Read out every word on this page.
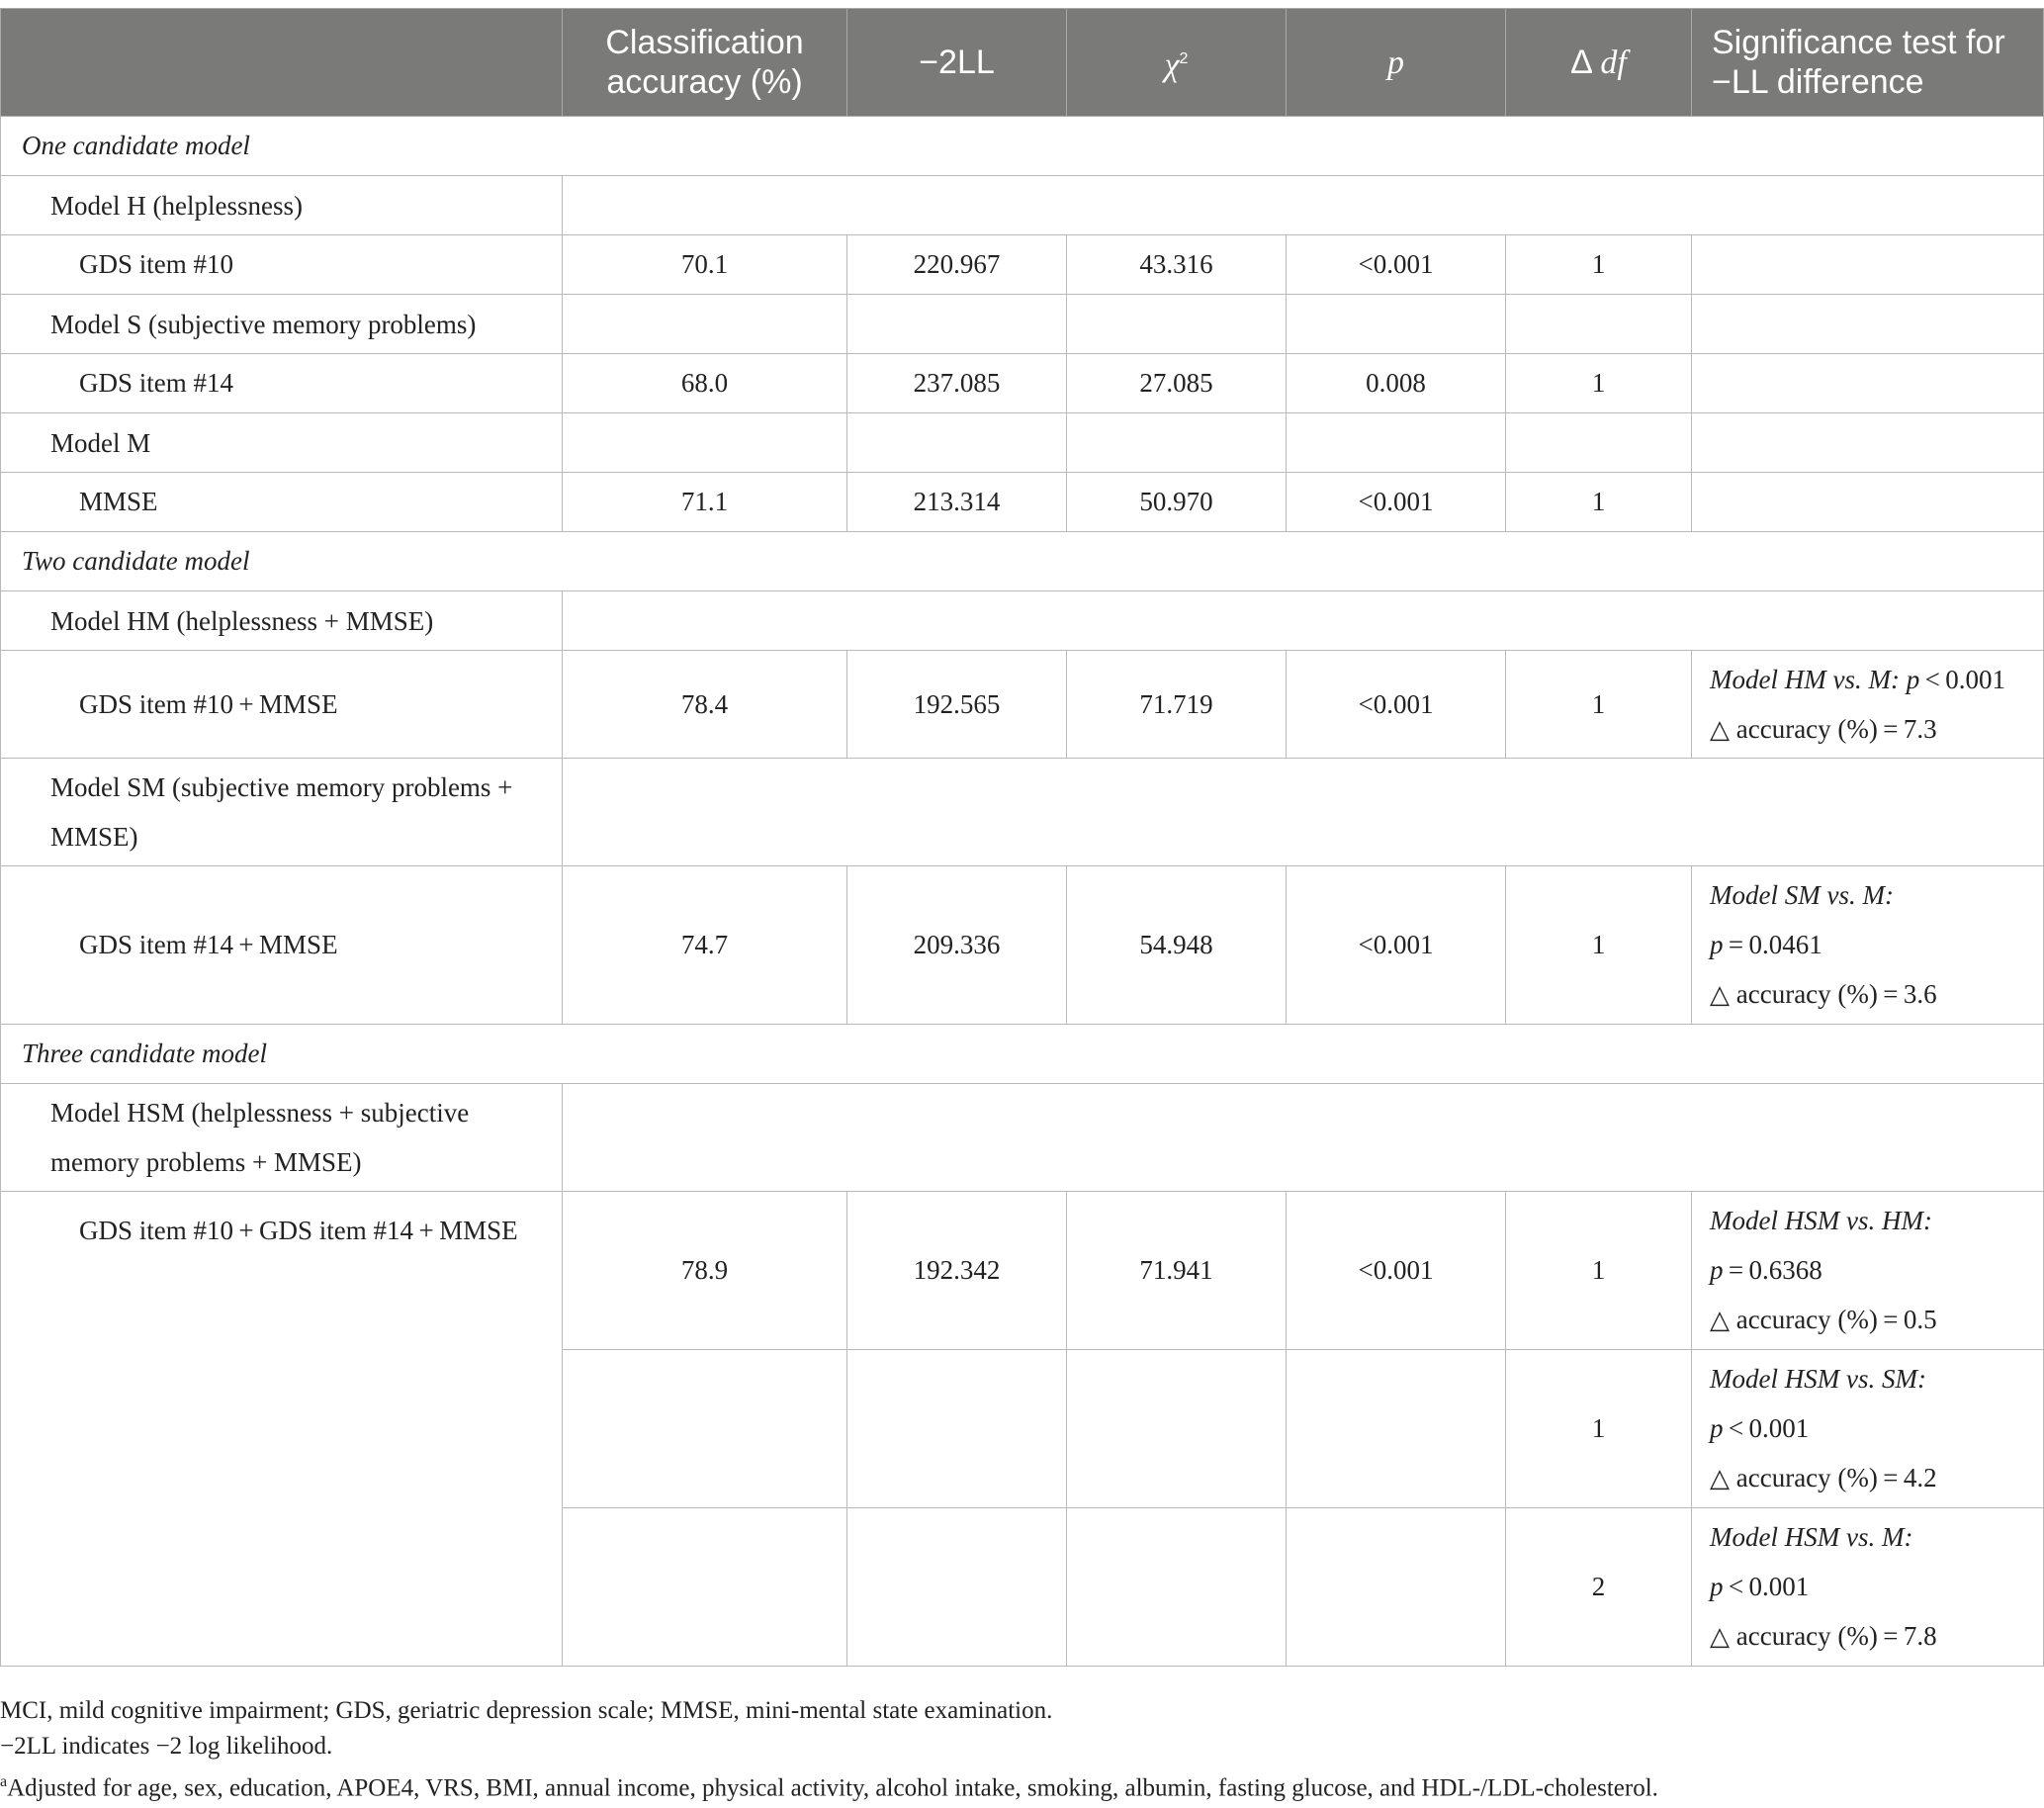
	Classification accuracy (%)	−2LL	$\chi^2$	p	Δ df	Significance test for −LL difference
One candidate model						
Model H (helplessness)						
GDS item #10	70.1	220.967	43.316	<0.001	1	
Model S (subjective memory problems)						
GDS item #14	68.0	237.085	27.085	0.008	1	
Model M						
MMSE	71.1	213.314	50.970	<0.001	1	
Two candidate model						
Model HM (helplessness + MMSE)						
GDS item #10 + MMSE	78.4	192.565	71.719	<0.001	1	Model HM vs. M: p < 0.001
△ accuracy (%) = 7.3

Model SM (subjective memory problems + MMSE)						
GDS item #14 + MMSE	74.7	209.336	54.948	<0.001	1	Model SM vs. M:
p = 0.0461
△ accuracy (%) = 3.6

Three candidate model						
Model HSM (helplessness + subjective memory problems + MMSE)						

GDS item #10 + GDS item #14 + MMSE	78.9	192.342	71.941	<0.001	1	Model HSM vs. HM:
p = 0.6368
△ accuracy (%) = 0.5

					1	Model HSM vs. SM:
p < 0.001
△ accuracy (%) = 4.2

					2	Model HSM vs. M:
p < 0.001
△ accuracy (%) = 7.8

MCI, mild cognitive impairment; GDS, geriatric depression scale; MMSE, mini-mental state examination.

−2LL indicates −2 log likelihood.

$^a$Adjusted for age, sex, education, APOE4, VRS, BMI, annual income, physical activity, alcohol intake, smoking, albumin, fasting glucose, and HDL-/LDL-cholesterol.
